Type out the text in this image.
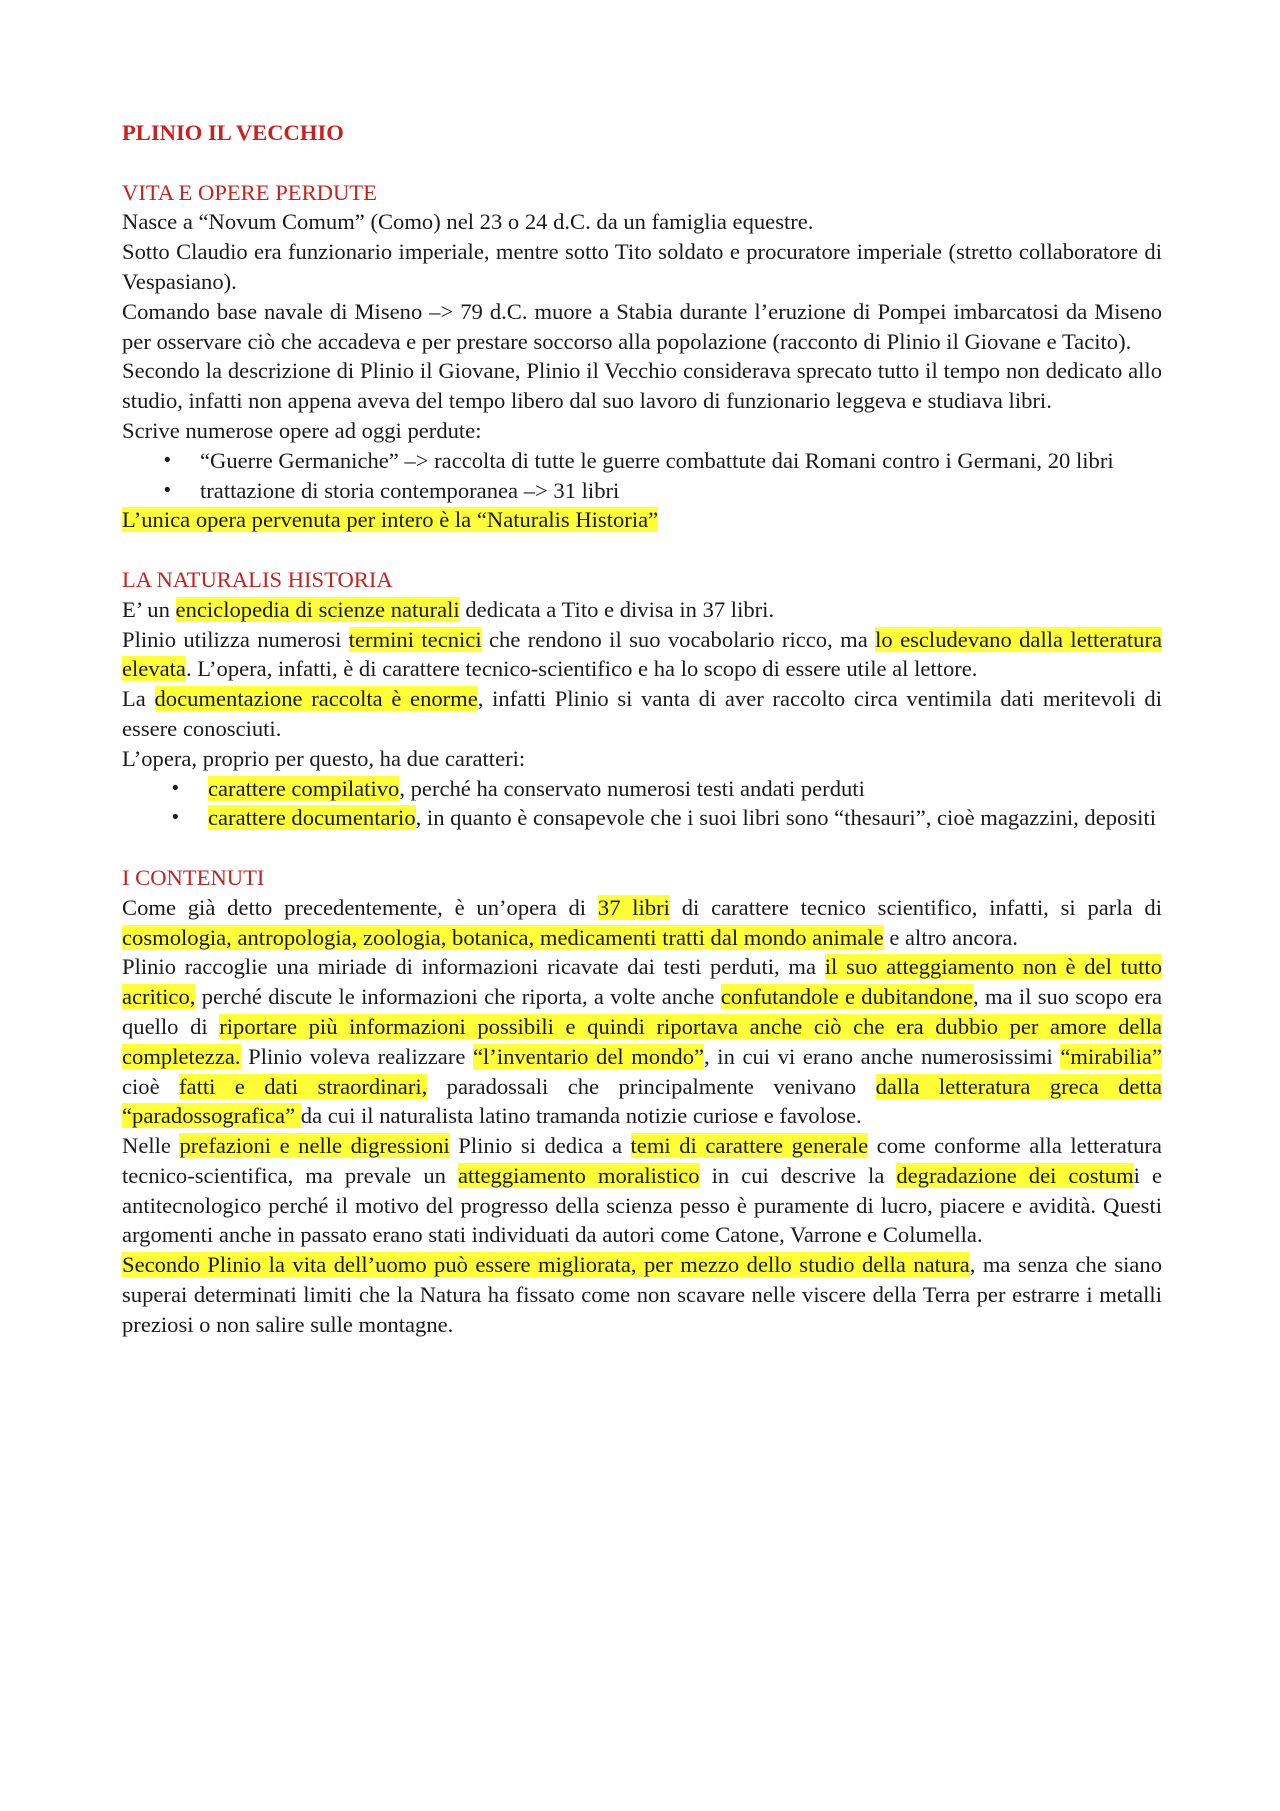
PLINIO IL VECCHIO
VITA E OPERE PERDUTE

Nasce a “Novum Comum” (Como) nel 23 o 24 d.C. da un famiglia equestre.

Sotto Claudio era funzionario imperiale, mentre sotto Tito soldato e procuratore imperiale (stretto collaboratore di Vespasiano).

Comando base navale di Miseno –> 79 d.C. muore a Stabia durante l’eruzione di Pompei imbarcatosi da Miseno per osservare ciò che accadeva e per prestare soccorso alla popolazione (racconto di Plinio il Giovane e Tacito).

Secondo la descrizione di Plinio il Giovane, Plinio il Vecchio considerava sprecato tutto il tempo non dedicato allo studio, infatti non appena aveva del tempo libero dal suo lavoro di funzionario leggeva e studiava libri.

Scrive numerose opere ad oggi perdute:

• “Guerre Germaniche” –> raccolta di tutte le guerre combattute dai Romani contro i Germani, 20 libri
• trattazione di storia contemporanea –> 31 libri

L’unica opera pervenuta per intero è la “Naturalis Historia”

LA NATURALIS HISTORIA

E’ un enciclopedia di scienze naturali dedicata a Tito e divisa in 37 libri.

Plinio utilizza numerosi termini tecnici che rendono il suo vocabolario ricco, ma lo escludevano dalla letteratura elevata. L’opera, infatti, è di carattere tecnico-scientifico e ha lo scopo di essere utile al lettore.

La documentazione raccolta è enorme, infatti Plinio si vanta di aver raccolto circa ventimila dati meritevoli di essere conosciuti.

L’opera, proprio per questo, ha due caratteri:

• carattere compilativo, perché ha conservato numerosi testi andati perduti
• carattere documentario, in quanto è consapevole che i suoi libri sono “thesauri”, cioè magazzini, depositi
I CONTENUTI

Come già detto precedentemente, è un’opera di 37 libri di carattere tecnico scientifico, infatti, si parla di cosmologia, antropologia, zoologia, botanica, medicamenti tratti dal mondo animale e altro ancora.

Plinio raccoglie una miriade di informazioni ricavate dai testi perduti, ma il suo atteggiamento non è del tutto acritico, perché discute le informazioni che riporta, a volte anche confutandole e dubitandone, ma il suo scopo era quello di riportare più informazioni possibili e quindi riportava anche ciò che era dubbio per amore della completezza. Plinio voleva realizzare “l’inventario del mondo”, in cui vi erano anche numerosissimi “mirabilia” cioè fatti e dati straordinari, paradossali che principalmente venivano dalla letteratura greca detta “paradossografica” da cui il naturalista latino tramanda notizie curiose e favolose.

Nelle prefazioni e nelle digressioni Plinio si dedica a temi di carattere generale come conforme alla letteratura tecnico-scientifica, ma prevale un atteggiamento moralistico in cui descrive la degradazione dei costumi e antitecnologico perché il motivo del progresso della scienza pesso è puramente di lucro, piacere e avidità. Questi argomenti anche in passato erano stati individuati da autori come Catone, Varrone e Columella.

Secondo Plinio la vita dell’uomo può essere migliorata, per mezzo dello studio della natura, ma senza che siano superai determinati limiti che la Natura ha fissato come non scavare nelle viscere della Terra per estrarre i metalli preziosi o non salire sulle montagne.
